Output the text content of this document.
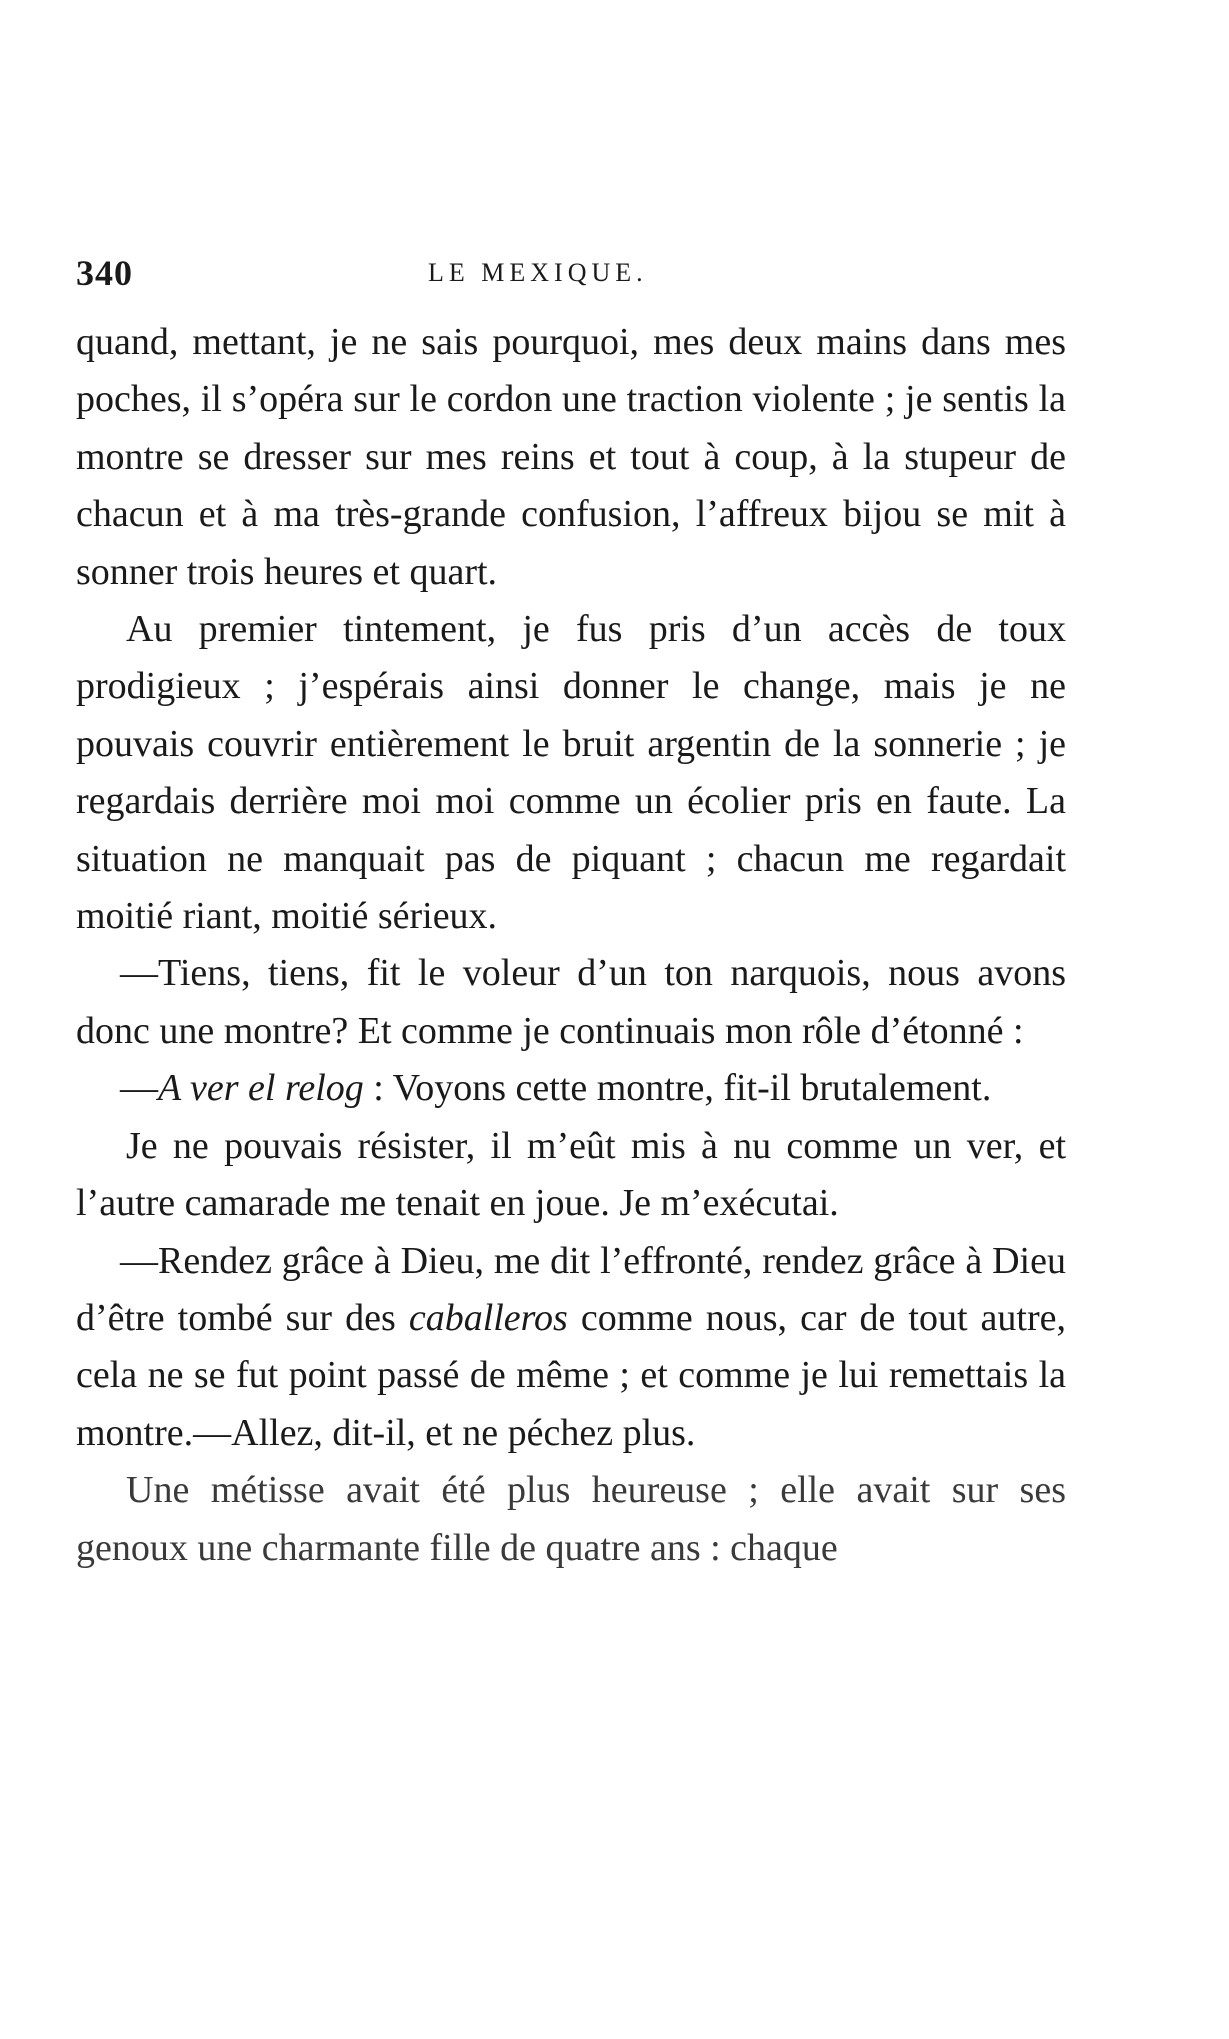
340	LE MEXIQUE.

quand, mettant, je ne sais pourquoi, mes deux mains dans mes poches, il s’opéra sur le cordon une traction violente ; je sentis la montre se dresser sur mes reins et tout à coup, à la stupeur de chacun et à ma très-grande confusion, l’affreux bijou se mit à sonner trois heures et quart.

Au premier tintement, je fus pris d’un accès de toux prodigieux ; j’espérais ainsi donner le change, mais je ne pouvais couvrir entièrement le bruit argentin de la sonnerie ; je regardais derrière moi moi comme un écolier pris en faute. La situation ne manquait pas de piquant ; chacun me regardait moitié riant, moitié sérieux.

—Tiens, tiens, fit le voleur d’un ton narquois, nous avons donc une montre? Et comme je continuais mon rôle d’étonné :

—A ver el relog : Voyons cette montre, fit-il brutalement.

Je ne pouvais résister, il m’eût mis à nu comme un ver, et l’autre camarade me tenait en joue. Je m’exécutai.

—Rendez grâce à Dieu, me dit l’effronté, rendez grâce à Dieu d’être tombé sur des caballeros comme nous, car de tout autre, cela ne se fut point passé de même ; et comme je lui remettais la montre.—Allez, dit-il, et ne péchez plus.

Une métisse avait été plus heureuse ; elle avait sur ses genoux une charmante fille de quatre ans : chaque
